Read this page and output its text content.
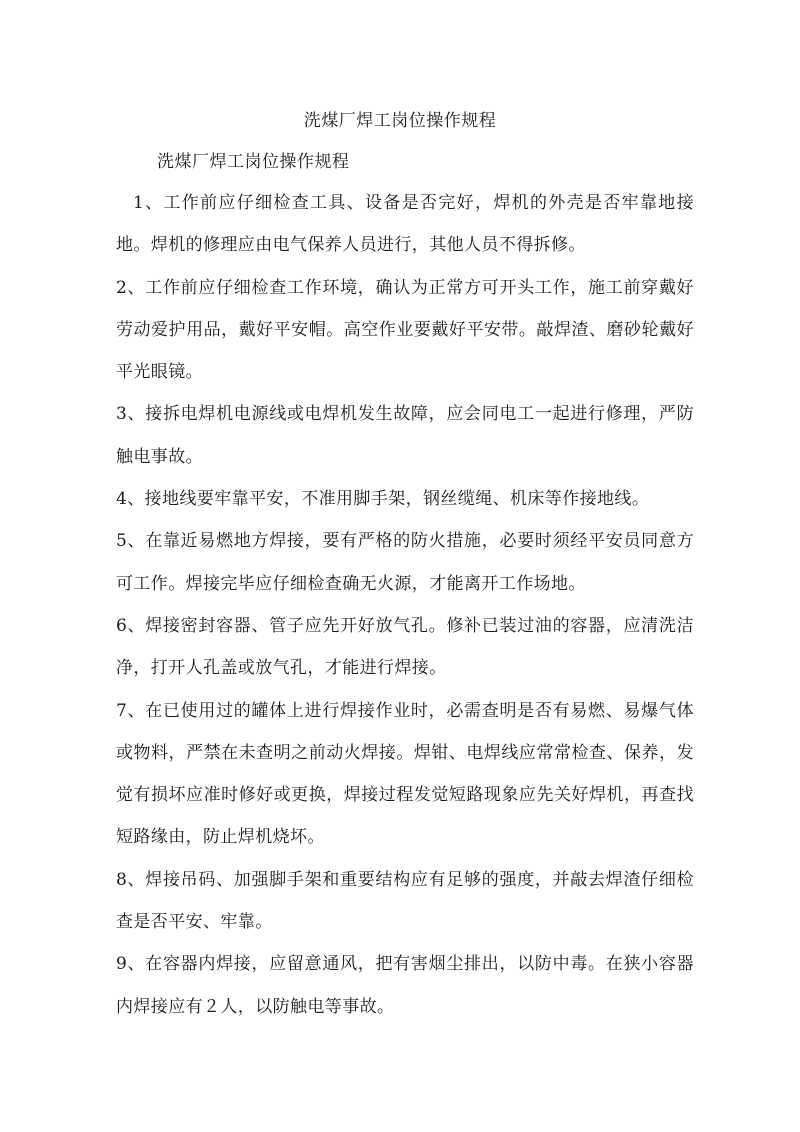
洗煤厂焊工岗位操作规程
洗煤厂焊工岗位操作规程

1、工作前应仔细检查工具、设备是否完好，焊机的外壳是否牢靠地接地。焊机的修理应由电气保养人员进行，其他人员不得拆修。

2、工作前应仔细检查工作环境，确认为正常方可开头工作，施工前穿戴好劳动爱护用品，戴好平安帽。高空作业要戴好平安带。敲焊渣、磨砂轮戴好平光眼镜。

3、接拆电焊机电源线或电焊机发生故障，应会同电工一起进行修理，严防触电事故。

4、接地线要牢靠平安，不准用脚手架，钢丝缆绳、机床等作接地线。

5、在靠近易燃地方焊接，要有严格的防火措施，必要时须经平安员同意方可工作。焊接完毕应仔细检查确无火源，才能离开工作场地。

6、焊接密封容器、管子应先开好放气孔。修补已装过油的容器，应清洗洁净，打开人孔盖或放气孔，才能进行焊接。

7、在已使用过的罐体上进行焊接作业时，必需查明是否有易燃、易爆气体或物料，严禁在未查明之前动火焊接。焊钳、电焊线应常常检查、保养，发觉有损坏应准时修好或更换，焊接过程发觉短路现象应先关好焊机，再查找短路缘由，防止焊机烧坏。

8、焊接吊码、加强脚手架和重要结构应有足够的强度，并敲去焊渣仔细检查是否平安、牢靠。

9、在容器内焊接，应留意通风，把有害烟尘排出，以防中毒。在狭小容器内焊接应有２人，以防触电等事故。
